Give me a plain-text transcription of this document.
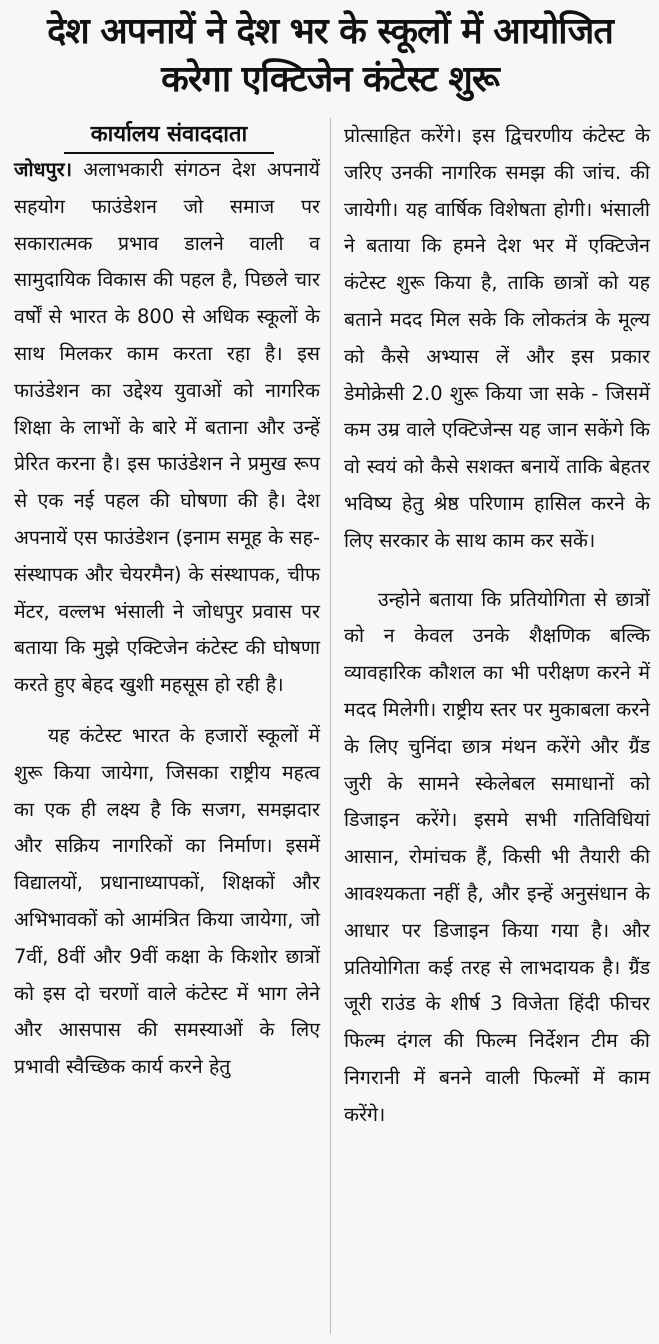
देश अपनायें ने देश भर के स्कूलों में आयोजित करेगा एक्टिजेन कंटेस्ट शुरू
कार्यालय संवाददाता

जोधपुर। अलाभकारी संगठन देश अपनायें सहयोग फाउंडेशन जो समाज पर सकारात्मक प्रभाव डालने वाली व सामुदायिक विकास की पहल है, पिछले चार वर्षों से भारत के 800 से अधिक स्कूलों के साथ मिलकर काम करता रहा है। इस फाउंडेशन का उद्देश्य युवाओं को नागरिक शिक्षा के लाभों के बारे में बताना और उन्हें प्रेरित करना है। इस फाउंडेशन ने प्रमुख रूप से एक नई पहल की घोषणा की है। देश अपनायें एस फाउंडेशन (इनाम समूह के सह-संस्थापक और चेयरमैन) के संस्थापक, चीफ मेंटर, वल्लभ भंसाली ने जोधपुर प्रवास पर बताया कि मुझे एक्टिजेन कंटेस्ट की घोषणा करते हुए बेहद खुशी महसूस हो रही है।

यह कंटेस्ट भारत के हजारों स्कूलों में शुरू किया जायेगा, जिसका राष्ट्रीय महत्व का एक ही लक्ष्य है कि सजग, समझदार और सक्रिय नागरिकों का निर्माण। इसमें विद्यालयों, प्रधानाध्यापकों, शिक्षकों और अभिभावकों को आमंत्रित किया जायेगा, जो 7वीं, 8वीं और 9वीं कक्षा के किशोर छात्रों को इस दो चरणों वाले कंटेस्ट में भाग लेने और आसपास की समस्याओं के लिए प्रभावी स्वैच्छिक कार्य करने हेतु

प्रोत्साहित करेंगे। इस द्विचरणीय कंटेस्ट के जरिए उनकी नागरिक समझ की जांच. की जायेगी। यह वार्षिक विशेषता होगी। भंसाली ने बताया कि हमने देश भर में एक्टिजेन कंटेस्ट शुरू किया है, ताकि छात्रों को यह बताने मदद मिल सके कि लोकतंत्र के मूल्य को कैसे अभ्यास लें और इस प्रकार डेमोक्रेसी 2.0 शुरू किया जा सके - जिसमें कम उम्र वाले एक्टिजेन्स यह जान सकेंगे कि वो स्वयं को कैसे सशक्त बनायें ताकि बेहतर भविष्य हेतु श्रेष्ठ परिणाम हासिल करने के लिए सरकार के साथ काम कर सकें।

उन्होने बताया कि प्रतियोगिता से छात्रों को न केवल उनके शैक्षणिक बल्कि व्यावहारिक कौशल का भी परीक्षण करने में मदद मिलेगी। राष्ट्रीय स्तर पर मुकाबला करने के लिए चुनिंदा छात्र मंथन करेंगे और ग्रैंड जुरी के सामने स्केलेबल समाधानों को डिजाइन करेंगे। इसमे सभी गतिविधियां आसान, रोमांचक हैं, किसी भी तैयारी की आवश्यकता नहीं है, और इन्हें अनुसंधान के आधार पर डिजाइन किया गया है। और प्रतियोगिता कई तरह से लाभदायक है। ग्रैंड जूरी राउंड के शीर्ष 3 विजेता हिंदी फीचर फिल्म दंगल की फिल्म निर्देशन टीम की निगरानी में बनने वाली फिल्मों में काम करेंगे।
